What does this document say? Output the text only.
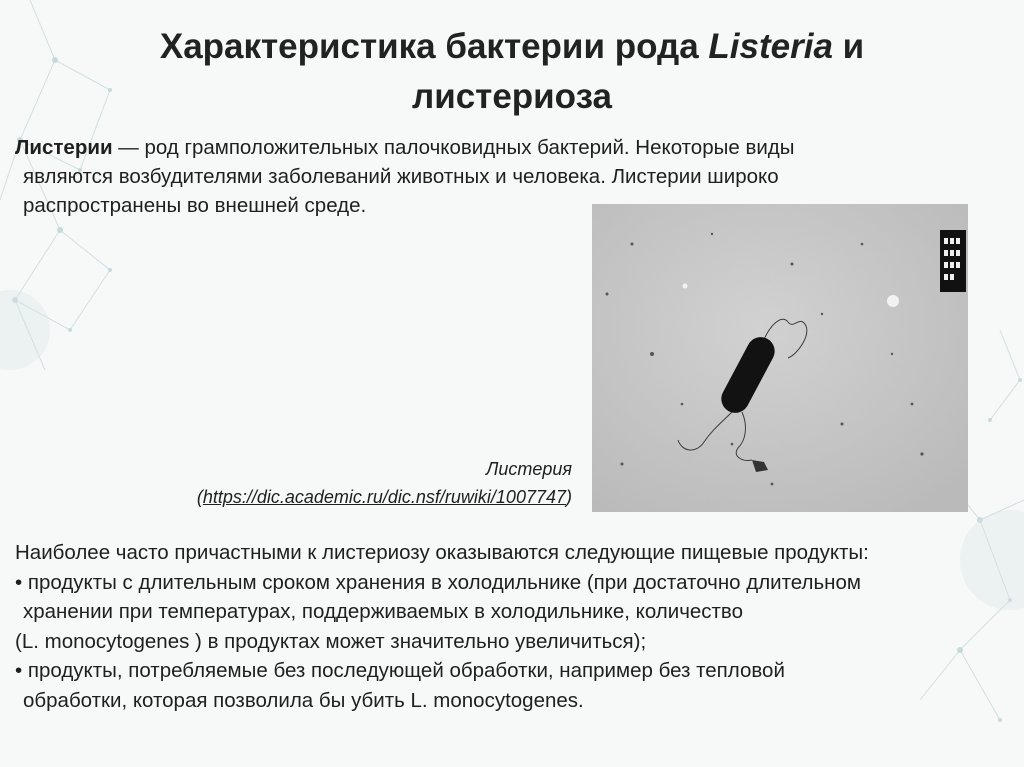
Характеристика бактерии рода Listeria и
листериоза
Листерии — род грамположительных палочковидных бактерий. Некоторые виды
являются возбудителями заболеваний животных и человека. Листерии широко
распространены во внешней среде.
Листерия
(https://dic.academic.ru/dic.nsf/ruwiki/1007747)
Наиболее часто причастными к листериозу оказываются следующие пищевые продукты:
• продукты с длительным сроком хранения в холодильнике (при достаточно длительном
хранении при температурах, поддерживаемых в холодильнике, количество
(L. monocytogenes ) в продуктах может значительно увеличиться);
• продукты, потребляемые без последующей обработки, например без тепловой
обработки, которая позволила бы убить L. monocytogenes.
